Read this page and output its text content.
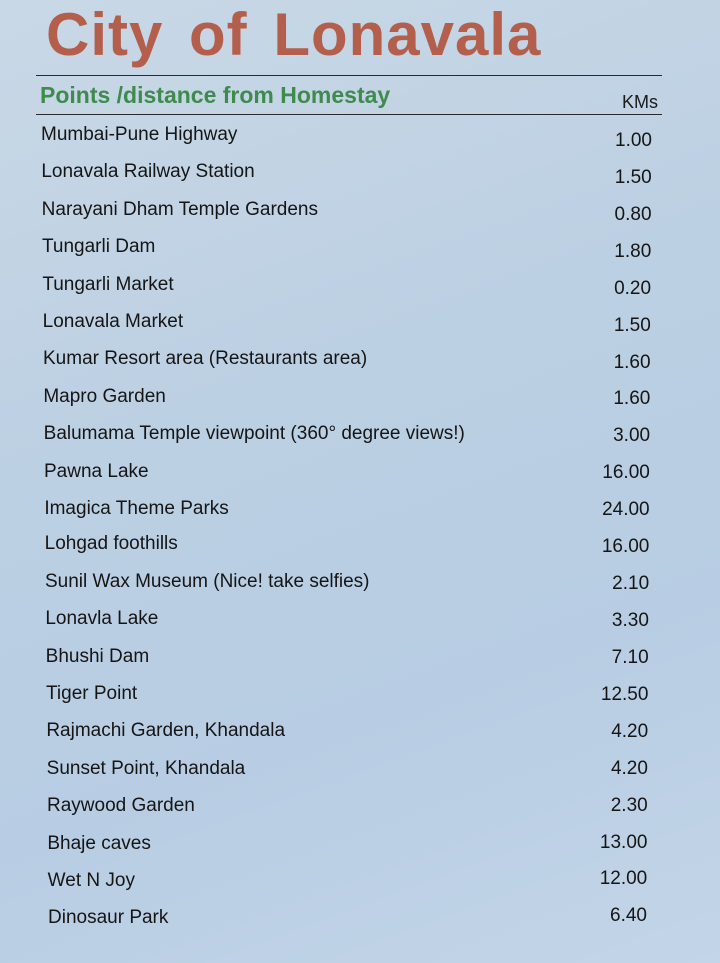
City of Lonavala
Points /distance from Homestay	KMs
Mumbai-Pune Highway	1.00
Lonavala Railway Station	1.50
Narayani Dham Temple Gardens	0.80
Tungarli Dam	1.80
Tungarli Market	0.20
Lonavala Market	1.50
Kumar Resort area (Restaurants area)	1.60
Mapro Garden	1.60
Balumama Temple viewpoint (360° degree views!)	3.00
Pawna Lake	16.00
Imagica Theme Parks	24.00
Lohgad foothills	16.00
Sunil Wax Museum (Nice! take selfies)	2.10
Lonavla Lake	3.30
Bhushi Dam	7.10
Tiger Point	12.50
Rajmachi Garden, Khandala	4.20
Sunset Point, Khandala	4.20
Raywood Garden	2.30
Bhaje caves	13.00
Wet N Joy	12.00
Dinosaur Park	6.40
